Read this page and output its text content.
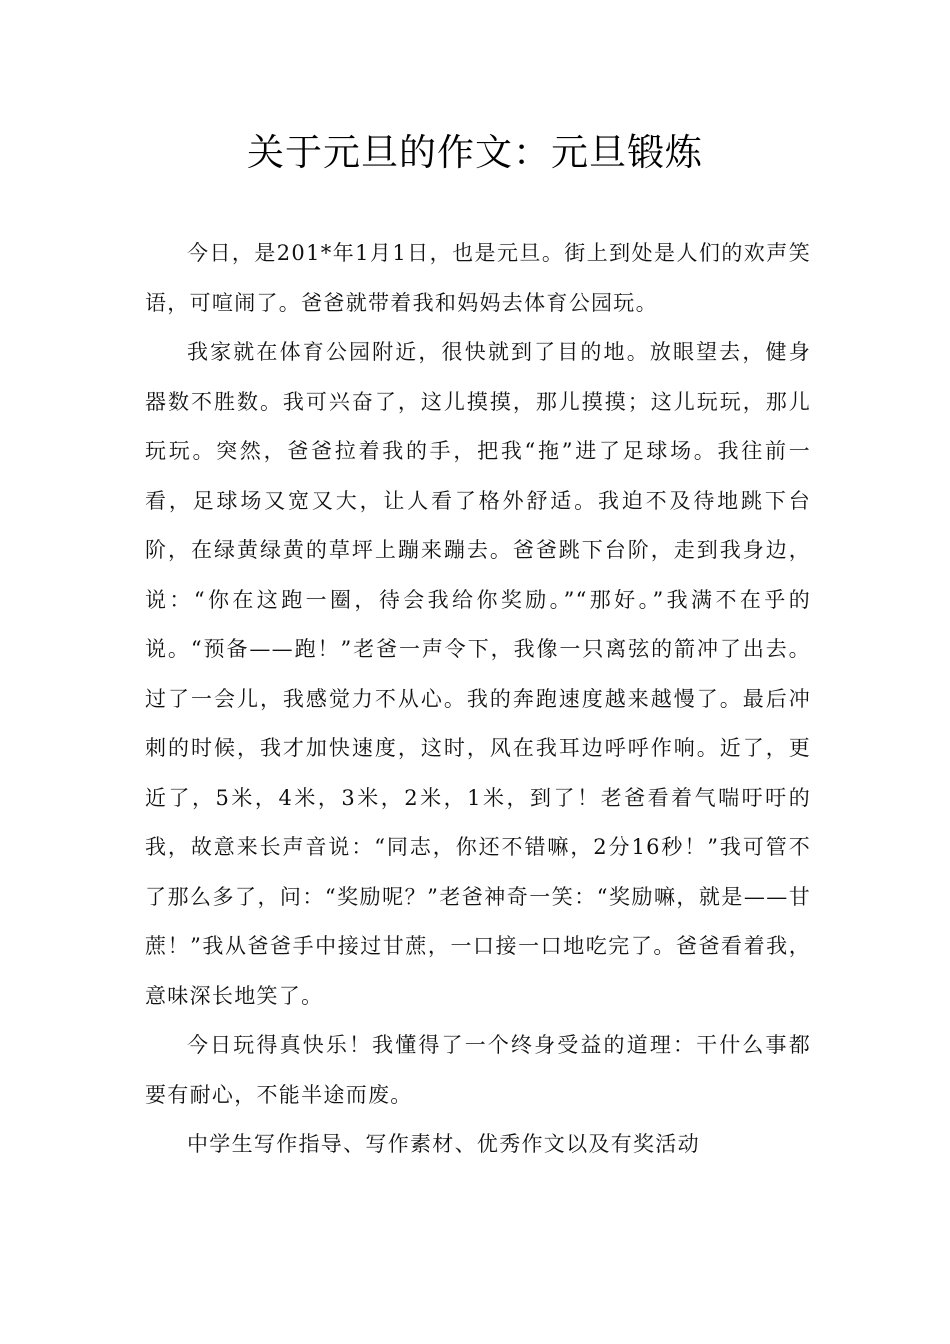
关于元旦的作文：元旦锻炼

今日，是201*年1月1日，也是元旦。街上到处是人们的欢声笑语，可喧闹了。爸爸就带着我和妈妈去体育公园玩。

我家就在体育公园附近，很快就到了目的地。放眼望去，健身器数不胜数。我可兴奋了，这儿摸摸，那儿摸摸；这儿玩玩，那儿玩玩。突然，爸爸拉着我的手，把我“拖”进了足球场。我往前一看，足球场又宽又大，让人看了格外舒适。我迫不及待地跳下台阶，在绿黄绿黄的草坪上蹦来蹦去。爸爸跳下台阶，走到我身边，说：“你在这跑一圈，待会我给你奖励。”“那好。”我满不在乎的说。“预备——跑！”老爸一声令下，我像一只离弦的箭冲了出去。过了一会儿，我感觉力不从心。我的奔跑速度越来越慢了。最后冲刺的时候，我才加快速度，这时，风在我耳边呼呼作响。近了，更近了，5米，4米，3米，2米，1米，到了！老爸看着气喘吁吁的我，故意来长声音说：“同志，你还不错嘛，2分16秒！”我可管不了那么多了，问：“奖励呢？”老爸神奇一笑：“奖励嘛，就是——甘蔗！”我从爸爸手中接过甘蔗，一口接一口地吃完了。爸爸看着我，意味深长地笑了。

今日玩得真快乐！我懂得了一个终身受益的道理：干什么事都要有耐心，不能半途而废。

中学生写作指导、写作素材、优秀作文以及有奖活动
